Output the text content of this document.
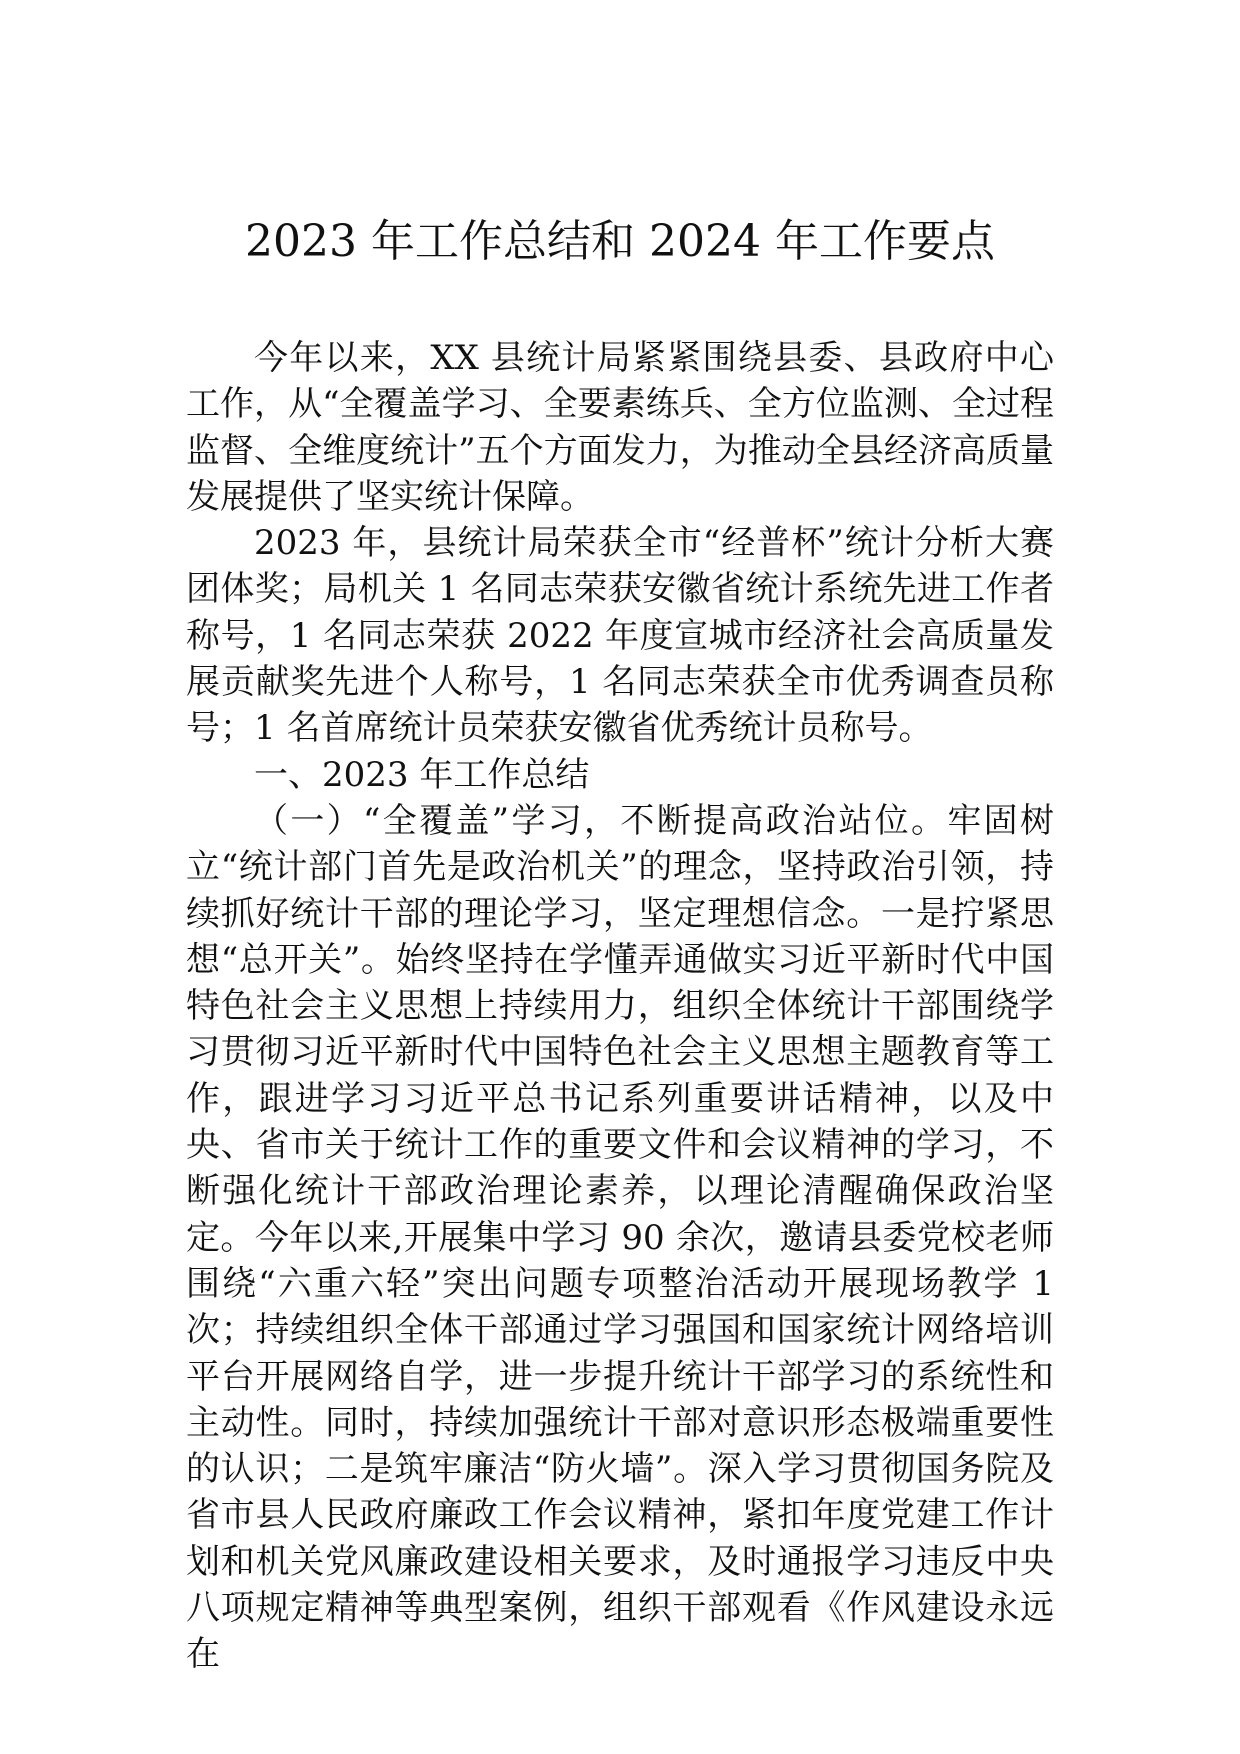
2023 年工作总结和 2024 年工作要点

今年以来，XX 县统计局紧紧围绕县委、县政府中心工作，从“全覆盖学习、全要素练兵、全方位监测、全过程监督、全维度统计”五个方面发力，为推动全县经济高质量发展提供了坚实统计保障。

2023 年，县统计局荣获全市“经普杯”统计分析大赛团体奖；局机关 1 名同志荣获安徽省统计系统先进工作者称号，1 名同志荣获 2022 年度宣城市经济社会高质量发展贡献奖先进个人称号，1 名同志荣获全市优秀调查员称号；1 名首席统计员荣获安徽省优秀统计员称号。

一、2023 年工作总结

（一）“全覆盖”学习，不断提高政治站位。牢固树立“统计部门首先是政治机关”的理念，坚持政治引领，持续抓好统计干部的理论学习，坚定理想信念。一是拧紧思想“总开关”。始终坚持在学懂弄通做实习近平新时代中国特色社会主义思想上持续用力，组织全体统计干部围绕学习贯彻习近平新时代中国特色社会主义思想主题教育等工作，跟进学习习近平总书记系列重要讲话精神，以及中央、省市关于统计工作的重要文件和会议精神的学习，不断强化统计干部政治理论素养，以理论清醒确保政治坚定。今年以来,开展集中学习 90 余次，邀请县委党校老师围绕“六重六轻”突出问题专项整治活动开展现场教学 1 次；持续组织全体干部通过学习强国和国家统计网络培训平台开展网络自学，进一步提升统计干部学习的系统性和主动性。同时，持续加强统计干部对意识形态极端重要性的认识；二是筑牢廉洁“防火墙”。深入学习贯彻国务院及省市县人民政府廉政工作会议精神，紧扣年度党建工作计划和机关党风廉政建设相关要求，及时通报学习违反中央八项规定精神等典型案例，组织干部观看《作风建设永远在
